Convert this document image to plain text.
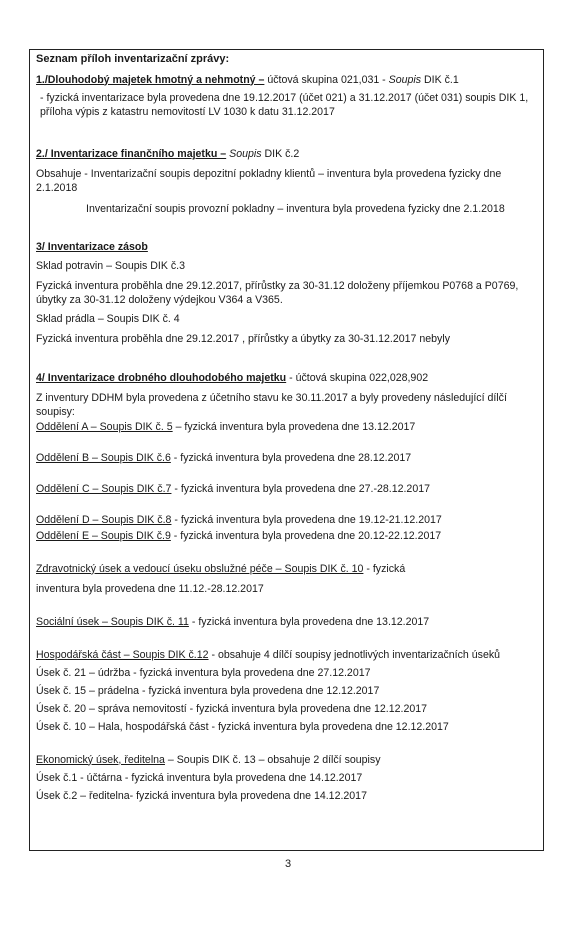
Seznam příloh inventarizační zprávy:

1./Dlouhodobý majetek hmotný a nehmotný – účtová skupina 021,031 - Soupis DIK č.1

- fyzická inventarizace byla provedena dne 19.12.2017 (účet 021) a 31.12.2017 (účet 031) soupis DIK 1, příloha výpis z katastru nemovitostí LV 1030 k datu 31.12.2017

2./ Inventarizace finančního majetku – Soupis DIK č.2

Obsahuje - Inventarizační soupis depozitní pokladny klientů – inventura byla provedena fyzicky dne 2.1.2018

Inventarizační soupis provozní pokladny – inventura byla provedena fyzicky dne 2.1.2018

3/ Inventarizace zásob

Sklad potravin – Soupis DIK č.3

Fyzická inventura proběhla dne 29.12.2017, přírůstky za 30-31.12 doloženy příjemkou P0768 a P0769, úbytky za 30-31.12 doloženy výdejkou V364 a V365.

Sklad prádla – Soupis DIK č. 4

Fyzická inventura proběhla dne 29.12.2017 , přírůstky a úbytky za 30-31.12.2017 nebyly

4/ Inventarizace drobného dlouhodobého majetku - účtová skupina 022,028,902

Z inventury DDHM byla provedena z účetního stavu ke 30.11.2017 a byly provedeny následující dílčí soupisy:

Oddělení A – Soupis DIK č. 5 – fyzická inventura byla provedena dne 13.12.2017

Oddělení B – Soupis DIK č.6 - fyzická inventura byla provedena dne 28.12.2017

Oddělení C – Soupis DIK č.7 - fyzická inventura byla provedena dne 27.-28.12.2017

Oddělení D – Soupis DIK č.8 - fyzická inventura byla provedena dne 19.12-21.12.2017

Oddělení E – Soupis DIK č.9 - fyzická inventura byla provedena dne 20.12-22.12.2017

Zdravotnický úsek a vedoucí úseku obslužné péče – Soupis DIK č. 10 - fyzická

inventura byla provedena dne 11.12.-28.12.2017

Sociální úsek – Soupis DIK č. 11 - fyzická inventura byla provedena dne 13.12.2017

Hospodářská část – Soupis DIK č.12 - obsahuje 4 dílčí soupisy jednotlivých inventarizačních úseků

Úsek č. 21 – údržba - fyzická inventura byla provedena dne 27.12.2017

Úsek č. 15 – prádelna - fyzická inventura byla provedena dne 12.12.2017

Úsek č. 20 – správa nemovitostí - fyzická inventura byla provedena dne 12.12.2017

Úsek č. 10 – Hala, hospodářská část - fyzická inventura byla provedena dne 12.12.2017

Ekonomický úsek, ředitelna – Soupis DIK č. 13 – obsahuje 2 dílčí soupisy

Úsek č.1 - účtárna - fyzická inventura byla provedena dne 14.12.2017

Úsek č.2 – ředitelna- fyzická inventura byla provedena dne 14.12.2017

3
